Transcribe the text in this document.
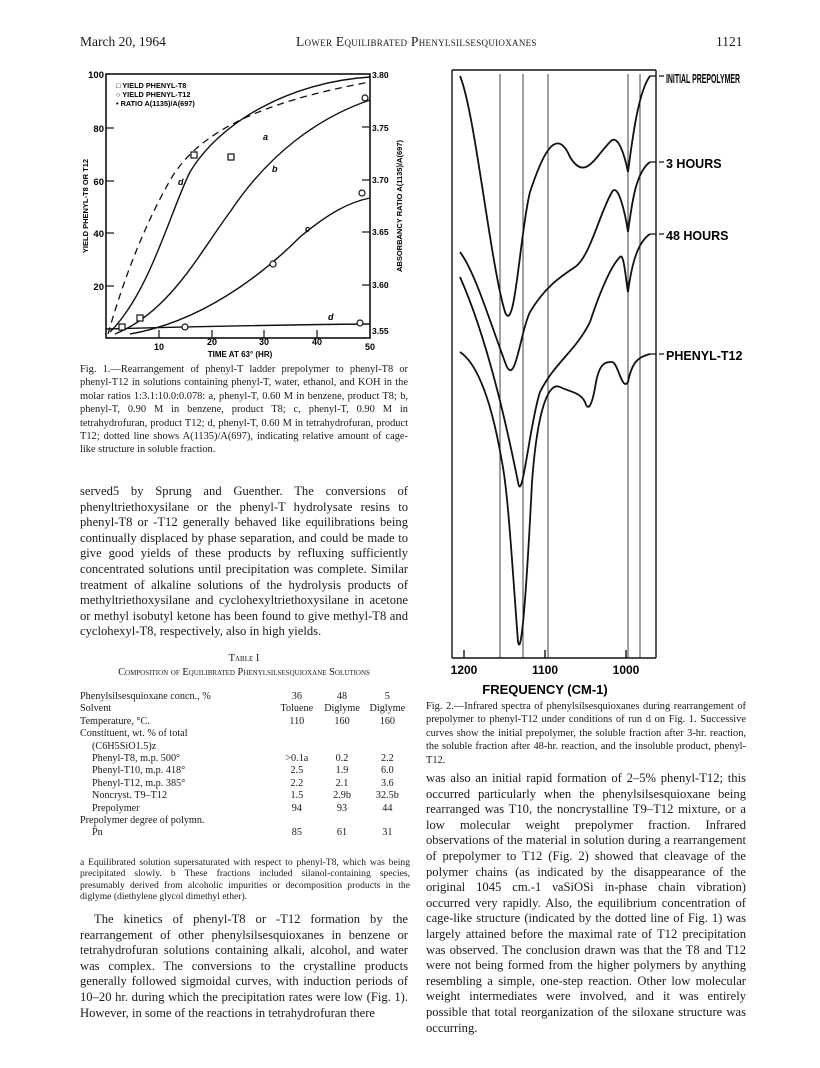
March 20, 1964	Lower Equilibrated Phenylsilsesquioxanes	1121
100
80
60
40
20
3.80
3.75
3.70
3.65
3.60
3.55
10	20	30	40	50
TIME AT 63° (HR)
YIELD PHENYL-T8 OR T12	ABSORBANCY RATIO A(1135)/A(697)
□ YIELD PHENYL-T8
○ YIELD PHENYL-T12
• RATIO A(1135)/A(697)
a
b
c
d
d
Fig. 1.—Rearrangement of phenyl-T ladder prepolymer to phenyl-T8 or phenyl-T12 in solutions containing phenyl-T, water, ethanol, and KOH in the molar ratios 1:3.1:10.0:0.078: a, phenyl-T, 0.60 M in benzene, product T8; b, phenyl-T, 0.90 M in benzene, product T8; c, phenyl-T, 0.90 M in tetrahydrofuran, product T12; d, phenyl-T, 0.60 M in tetrahydrofuran, product T12; dotted line shows A(1135)/A(697), indicating relative amount of cage-like structure in soluble fraction.
INITIAL PREPOLYMER
3 HOURS
48 HOURS
PHENYL-T12
1200	1100	1000
FREQUENCY (CM-1)
Fig. 2.—Infrared spectra of phenylsilsesquioxanes during rearrangement of prepolymer to phenyl-T12 under conditions of run d on Fig. 1. Successive curves show the initial prepolymer, the soluble fraction after 3-hr. reaction, the soluble fraction after 48-hr. reaction, and the insoluble product, phenyl-T12.

served5 by Sprung and Guenther. The conversions of phenyltriethoxysilane or the phenyl-T hydrolysate resins to phenyl-T8 or -T12 generally behaved like equilibrations being continually displaced by phase separation, and could be made to give good yields of these products by refluxing sufficiently concentrated solutions until precipitation was complete. Similar treatment of alkaline solutions of the hydrolysis products of methyltriethoxysilane and cyclohexyltriethoxysilane in acetone or methyl isobutyl ketone has been found to give methyl-T8 and cyclohexyl-T8, respectively, also in high yields.

Table I
Composition of Equilibrated Phenylsilsesquioxane Solutions
Phenylsilsesquioxane concn., %	36	48	5
Solvent	Toluene	Diglyme	Diglyme
Temperature, °C.	110	160	160
Constituent, wt. % of total			
(C6H5SiO1.5)z			
Phenyl-T8, m.p. 500°	>0.1a	0.2	2.2
Phenyl-T10, m.p. 418°	2.5	1.9	6.0
Phenyl-T12, m.p. 385°	2.2	2.1	3.6
Noncryst. T9–T12	1.5	2.9b	32.5b
Prepolymer	94	93	44
Prepolymer degree of polymn.			
P̄n	85	61	31
a Equilibrated solution supersaturated with respect to phenyl-T8, which was being precipitated slowly. b These fractions included silanol-containing species, presumably derived from alcoholic impurities or decomposition products in the diglyme (diethylene glycol dimethyl ether).

The kinetics of phenyl-T8 or -T12 formation by the rearrangement of other phenylsilsesquioxanes in benzene or tetrahydrofuran solutions containing alkali, alcohol, and water was complex. The conversions to the crystalline products generally followed sigmoidal curves, with induction periods of 10–20 hr. during which the precipitation rates were low (Fig. 1). However, in some of the reactions in tetrahydrofuran there

was also an initial rapid formation of 2–5% phenyl-T12; this occurred particularly when the phenylsilsesquioxane being rearranged was T10, the noncrystalline T9–T12 mixture, or a low molecular weight prepolymer fraction. Infrared observations of the material in solution during a rearrangement of prepolymer to T12 (Fig. 2) showed that cleavage of the polymer chains (as indicated by the disappearance of the original 1045 cm.-1 νaSiOSi in-phase chain vibration) occurred very rapidly. Also, the equilibrium concentration of cage-like structure (indicated by the dotted line of Fig. 1) was largely attained before the maximal rate of T12 precipitation was observed. The conclusion drawn was that the T8 and T12 were not being formed from the higher polymers by anything resembling a simple, one-step reaction. Other low molecular weight intermediates were involved, and it was entirely possible that total reorganization of the siloxane structure was occurring.
